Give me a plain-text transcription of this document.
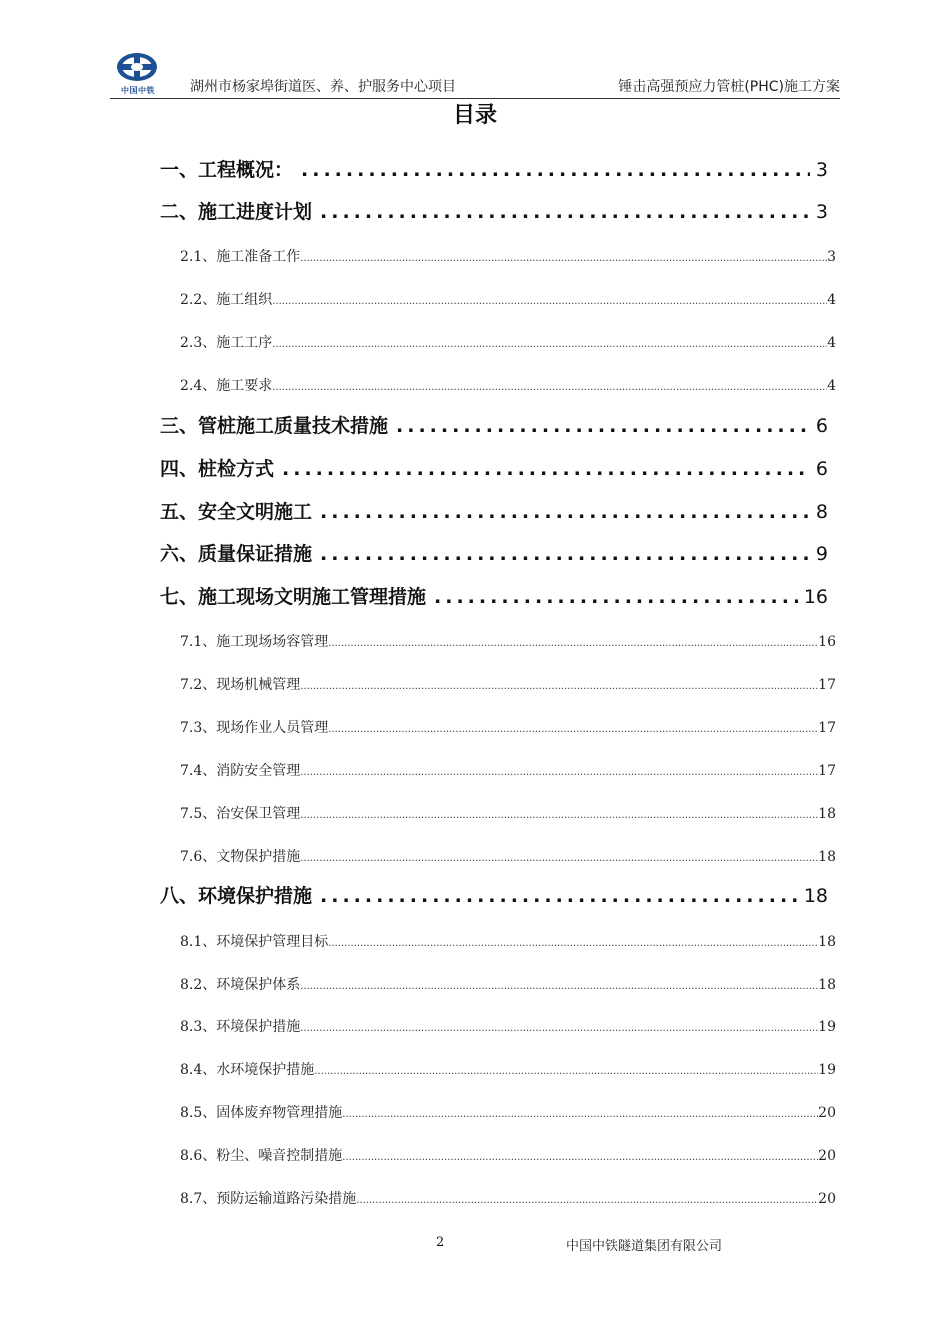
中国中铁	湖州市杨家埠街道医、养、护服务中心项目	锤击高强预应力管桩(PHC)施工方案
目录
一、工程概况： .....	3
二、施工进度计划 .....	3
2.1、施工准备工作 .....	3
2.2、施工组织 .....	4
2.3、施工工序 .....	4
2.4、施工要求 .....	4
三、管桩施工质量技术措施 .....	6
四、桩检方式 .....	6
五、安全文明施工 .....	8
六、质量保证措施 .....	9
七、施工现场文明施工管理措施 .....	16
7.1、施工现场场容管理 .....	16
7.2、现场机械管理 .....	17
7.3、现场作业人员管理 .....	17
7.4、消防安全管理 .....	17
7.5、治安保卫管理 .....	18
7.6、文物保护措施 .....	18
八、环境保护措施 .....	18
8.1、环境保护管理目标 .....	18
8.2、环境保护体系 .....	18
8.3、环境保护措施 .....	19
8.4、水环境保护措施 .....	19
8.5、固体废弃物管理措施 .....	20
8.6、粉尘、噪音控制措施 .....	20
8.7、预防运输道路污染措施 .....	20
2	中国中铁隧道集团有限公司
